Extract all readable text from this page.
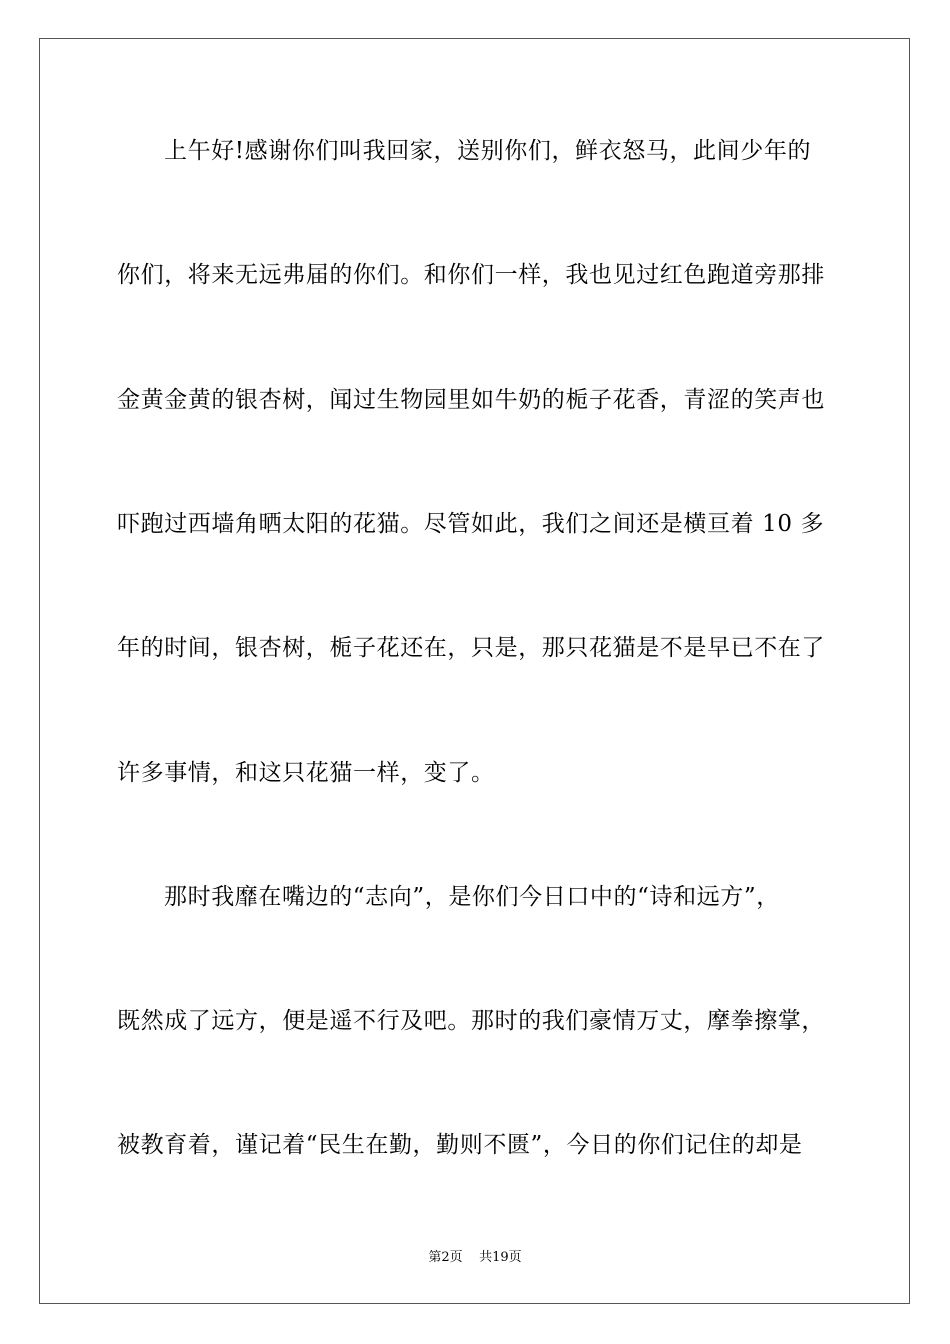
上午好!感谢你们叫我回家，送别你们，鲜衣怒马，此间少年的
你们，将来无远弗届的你们。和你们一样，我也见过红色跑道旁那排
金黄金黄的银杏树，闻过生物园里如牛奶的栀子花香，青涩的笑声也
吓跑过西墙角晒太阳的花猫。尽管如此，我们之间还是横亘着 10 多
年的时间，银杏树，栀子花还在，只是，那只花猫是不是早已不在了
许多事情，和这只花猫一样，变了。
那时我靡在嘴边的“志向”，是你们今日口中的“诗和远方”，
既然成了远方，便是遥不行及吧。那时的我们豪情万丈，摩拳擦掌，
被教育着，谨记着“民生在勤，勤则不匮”，今日的你们记住的却是
第2页 共19页
